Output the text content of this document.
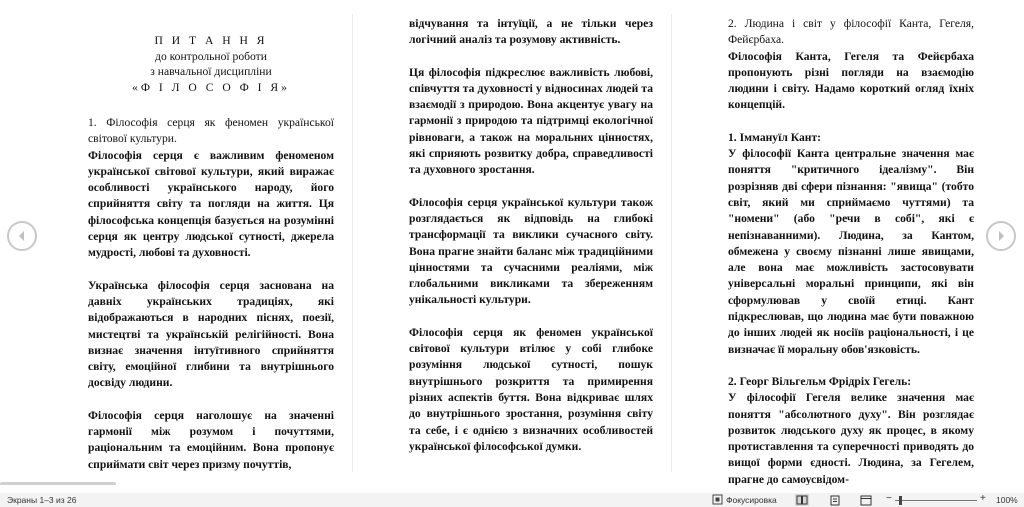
П И Т А Н Н Я
до контрольної роботи
з навчальної дисципліни
«Ф І Л О С О Ф І Я»

1. Філософія серця як феномен української світової культури.

Філософія серця є важливим феноменом української світової культури, який виражає особливості українського народу, його сприйняття світу та погляди на життя. Ця філософська концепція базується на розумінні серця як центру людської сутності, джерела мудрості, любові та духовності.

Українська філософія серця заснована на давніх українських традиціях, які відображаються в народних піснях, поезії, мистецтві та українській релігійності. Вона визнає значення інтуїтивного сприйняття світу, емоційної глибини та внутрішнього досвіду людини.

Філософія серця наголошує на значенні гармонії між розумом і почуттями, раціональним та емоційним. Вона пропонує сприймати світ через призму почуттів,

відчування та інтуїції, а не тільки через логічний аналіз та розумову активність.

Ця філософія підкреслює важливість любові, співчуття та духовності у відносинах людей та взаємодії з природою. Вона акцентує увагу на гармонії з природою та підтримці екологічної рівноваги, а також на моральних цінностях, які сприяють розвитку добра, справедливості та духовного зростання.

Філософія серця української культури також розглядається як відповідь на глибокі трансформації та виклики сучасного світу. Вона прагне знайти баланс між традиційними цінностями та сучасними реаліями, між глобальними викликами та збереженням унікальності культури.

Філософія серця як феномен української світової культури втілює у собі глибоке розуміння людської сутності, пошук внутрішнього розкриття та примирення різних аспектів буття. Вона відкриває шлях до внутрішнього зростання, розуміння світу та себе, і є однією з визначних особливостей української філософської думки.

2. Людина і світ у філософії Канта, Гегеля, Фейєрбаха.

Філософія Канта, Гегеля та Фейєрбаха пропонують різні погляди на взаємодію людини і світу. Надамо короткий огляд їхніх концепцій.

1. Іммануїл Кант:

У філософії Канта центральне значення має поняття "критичного ідеалізму". Він розрізняв дві сфери пізнання: "явища" (тобто світ, який ми сприймаємо чуттями) та "номени" (або "речи в собі", які є непізнаванними). Людина, за Кантом, обмежена у своєму пізнанні лише явищами, але вона має можливість застосовувати універсальні моральні принципи, які він сформулював у своїй етиці. Кант підкреслював, що людина має бути поважною до інших людей як носіїв раціональності, і це визначає її моральну обов'язковість.

2. Георг Вільгельм Фрідріх Гегель:

У філософії Гегеля велике значення має поняття "абсолютного духу". Він розглядає розвиток людського духу як процес, в якому протиставлення та суперечності приводять до вищої форми єдності. Людина, за Гегелем, прагне до самоусвідом-

Экраны 1–3 из 26	Фокусировка	−	+ 100%
